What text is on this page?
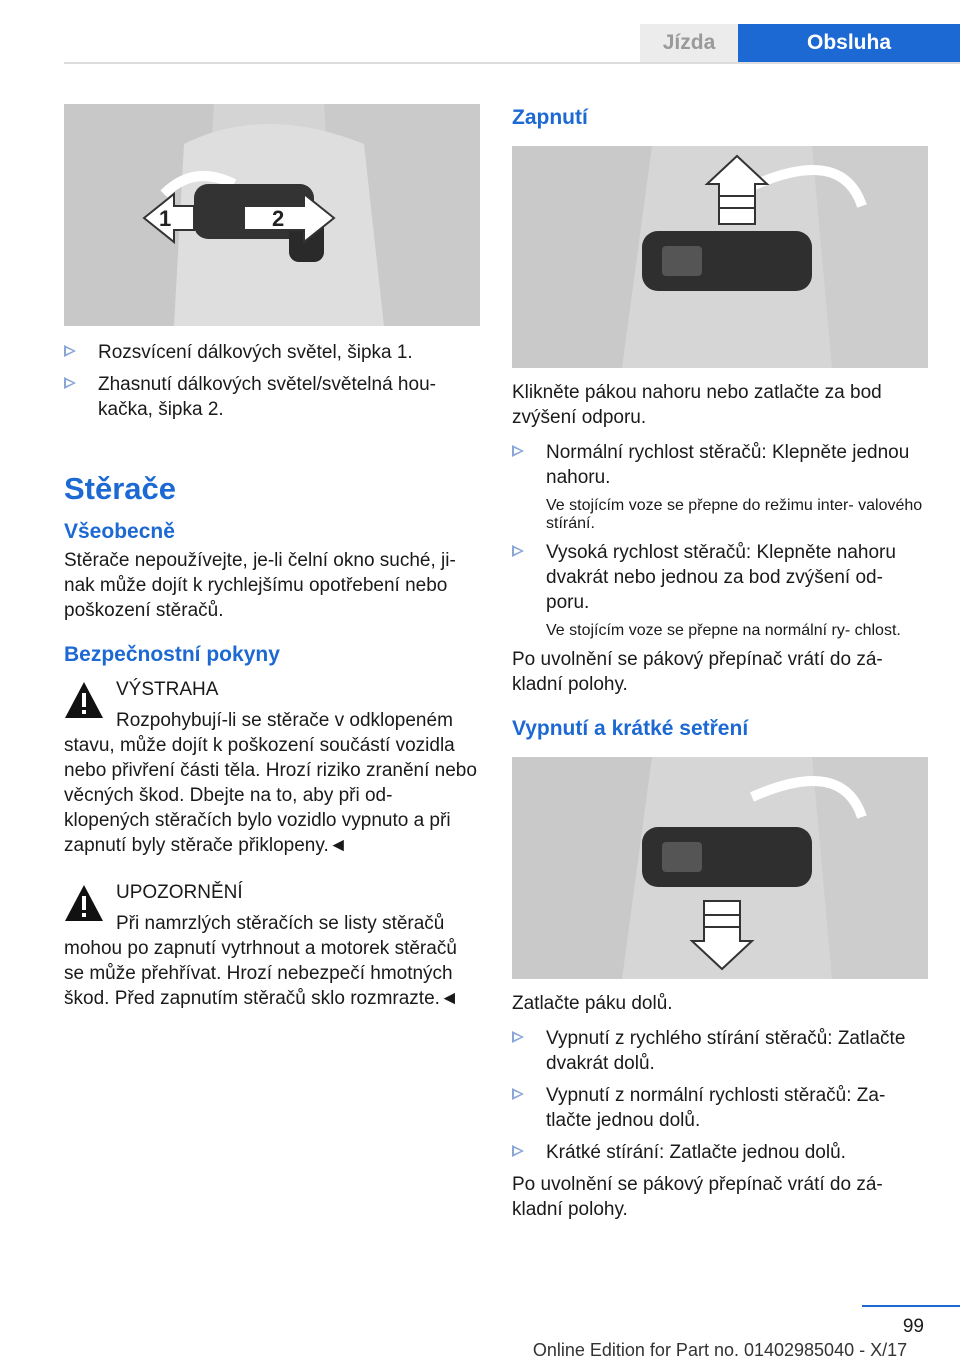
Jízda	Obsluha
1	2
Rozsvícení dálkových světel, šipka 1.
Zhasnutí dálkových světel/světelná hou- kačka, šipka 2.
Stěrače
Všeobecně

Stěrače nepoužívejte, je-li čelní okno suché, ji- nak může dojít k rychlejšímu opotřebení nebo poškození stěračů.

Bezpečnostní pokyny
VÝSTRAHA
Rozpohybují-li se stěrače v odklopeném
stavu, může dojít k poškození součástí vozidla nebo přivření části těla. Hrozí riziko zranění nebo věcných škod. Dbejte na to, aby při od- klopených stěračích bylo vozidlo vypnuto a při zapnutí byly stěrače přiklopeny.◄
UPOZORNĚNÍ
Při namrzlých stěračích se listy stěračů
mohou po zapnutí vytrhnout a motorek stěračů se může přehřívat. Hrozí nebezpečí hmotných škod. Před zapnutím stěračů sklo rozmrazte.◄
Zapnutí

Klikněte pákou nahoru nebo zatlačte za bod zvýšení odporu.

Normální rychlost stěračů: Klepněte jednou nahoru.
Ve stojícím voze se přepne do režimu inter- valového stírání.
Vysoká rychlost stěračů: Klepněte nahoru dvakrát nebo jednou za bod zvýšení od- poru.
Ve stojícím voze se přepne na normální ry- chlost.

Po uvolnění se pákový přepínač vrátí do zá- kladní polohy.

Vypnutí a krátké setření

Zatlačte páku dolů.

Vypnutí z rychlého stírání stěračů: Zatlačte dvakrát dolů.
Vypnutí z normální rychlosti stěračů: Za- tlačte jednou dolů.
Krátké stírání: Zatlačte jednou dolů.

Po uvolnění se pákový přepínač vrátí do zá- kladní polohy.

99
Online Edition for Part no. 01402985040 - X/17
